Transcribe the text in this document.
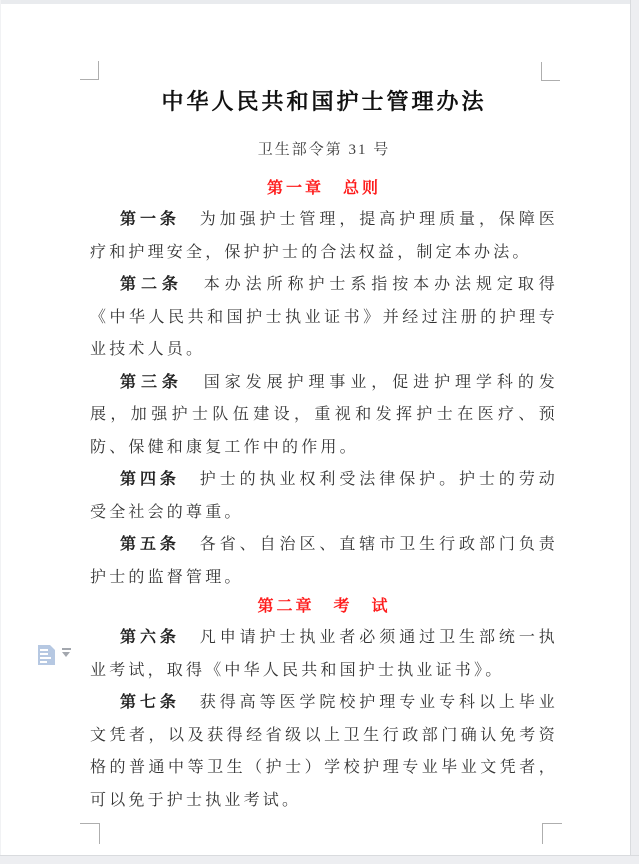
中华人民共和国护士管理办法
卫生部令第 31 号
第一章　总则

第一条　为加强护士管理，提高护理质量，保障医疗和护理安全，保护护士的合法权益，制定本办法。

第二条　本办法所称护士系指按本办法规定取得《中华人民共和国护士执业证书》并经过注册的护理专业技术人员。

第三条　国家发展护理事业，促进护理学科的发展，加强护士队伍建设，重视和发挥护士在医疗、预防、保健和康复工作中的作用。

第四条　护士的执业权利受法律保护。护士的劳动受全社会的尊重。

第五条　各省、自治区、直辖市卫生行政部门负责护士的监督管理。

第二章　考　试

第六条　凡申请护士执业者必须通过卫生部统一执业考试，取得《中华人民共和国护士执业证书》。

第七条　获得高等医学院校护理专业专科以上毕业文凭者，以及获得经省级以上卫生行政部门确认免考资格的普通中等卫生（护士）学校护理专业毕业文凭者，可以免于护士执业考试。
